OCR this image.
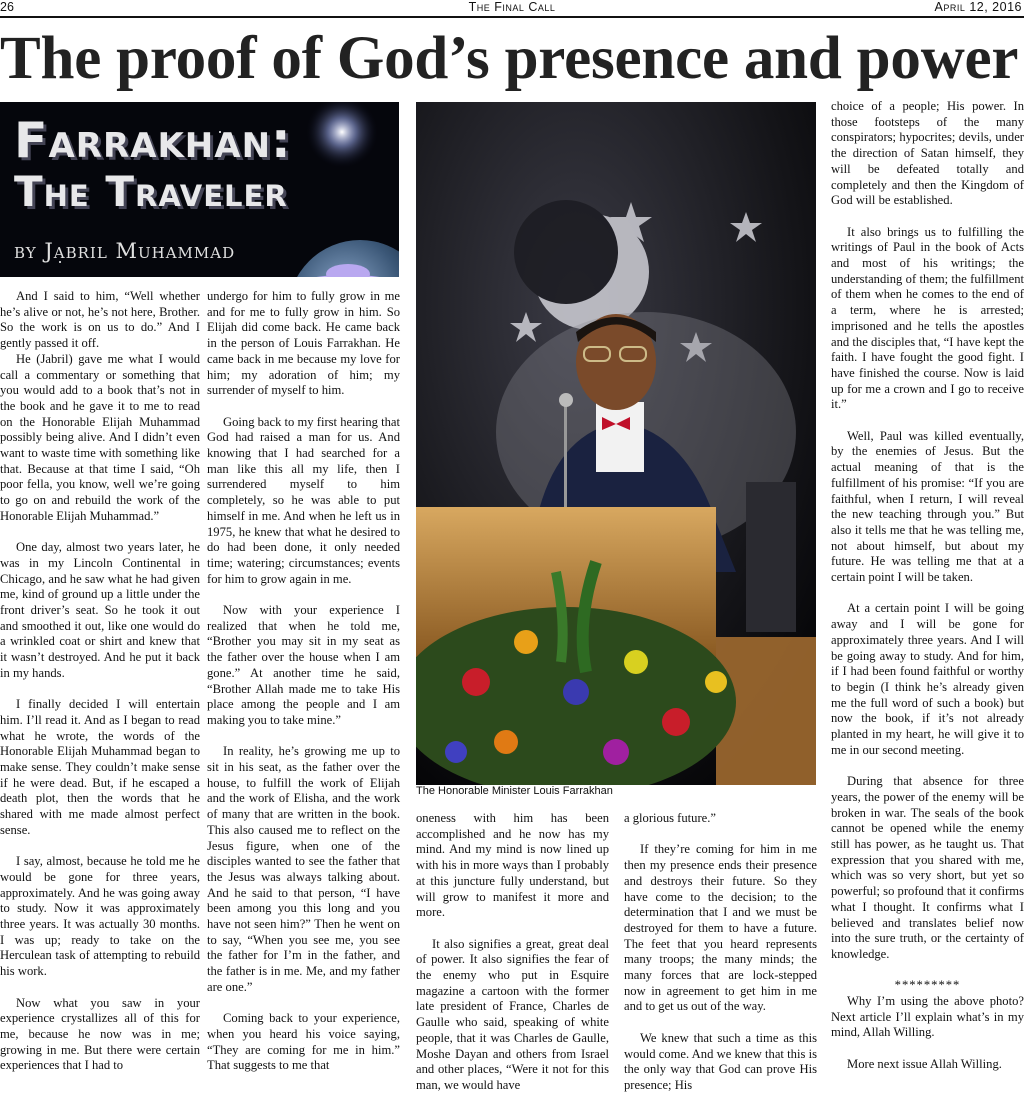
26	The Final Call	April 12, 2016
The proof of God’s presence and power
Farrakhan:
The Traveler
by Jabril Muhammad
The Honorable Minister Louis Farrakhan

And I said to him, “Well whether he’s alive or not, he’s not here, Brother. So the work is on us to do.” And I gently passed it off.

He (Jabril) gave me what I would call a commentary or something that you would add to a book that’s not in the book and he gave it to me to read on the Honorable Elijah Muhammad possibly being alive. And I didn’t even want to waste time with something like that. Because at that time I said, “Oh poor fella, you know, well we’re going to go on and rebuild the work of the Honorable Elijah Muhammad.”

One day, almost two years later, he was in my Lincoln Continental in Chicago, and he saw what he had given me, kind of ground up a little under the front driver’s seat. So he took it out and smoothed it out, like one would do a wrinkled coat or shirt and knew that it wasn’t destroyed. And he put it back in my hands.

I finally decided I will entertain him. I’ll read it. And as I began to read what he wrote, the words of the Honorable Elijah Muhammad began to make sense. They couldn’t make sense if he were dead. But, if he escaped a death plot, then the words that he shared with me made almost perfect sense.

I say, almost, because he told me he would be gone for three years, approximately. And he was going away to study. Now it was approximately three years. It was actually 30 months. I was up; ready to take on the Herculean task of attempting to rebuild his work.

Now what you saw in your experience crystallizes all of this for me, because he now was in me; growing in me. But there were certain experiences that I had to

undergo for him to fully grow in me and for me to fully grow in him. So Elijah did come back. He came back in the person of Louis Farrakhan. He came back in me because my love for him; my adoration of him; my surrender of myself to him.

Going back to my first hearing that God had raised a man for us. And knowing that I had searched for a man like this all my life, then I surrendered myself to him completely, so he was able to put himself in me. And when he left us in 1975, he knew that what he desired to do had been done, it only needed time; watering; circumstances; events for him to grow again in me.

Now with your experience I realized that when he told me, “Brother you may sit in my seat as the father over the house when I am gone.” At another time he said, “Brother Allah made me to take His place among the people and I am making you to take mine.”

In reality, he’s growing me up to sit in his seat, as the father over the house, to fulfill the work of Elijah and the work of Elisha, and the work of many that are written in the book. This also caused me to reflect on the Jesus figure, when one of the disciples wanted to see the father that the Jesus was always talking about. And he said to that person, “I have been among you this long and you have not seen him?” Then he went on to say, “When you see me, you see the father for I’m in the father, and the father is in me. Me, and my father are one.”

Coming back to your experience, when you heard his voice saying, “They are coming for me in him.” That suggests to me that

oneness with him has been accomplished and he now has my mind. And my mind is now lined up with his in more ways than I probably at this juncture fully understand, but will grow to manifest it more and more.

It also signifies a great, great deal of power. It also signifies the fear of the enemy who put in Esquire magazine a cartoon with the former late president of France, Charles de Gaulle who said, speaking of white people, that it was Charles de Gaulle, Moshe Dayan and others from Israel and other places, “Were it not for this man, we would have

a glorious future.”

If they’re coming for him in me then my presence ends their presence and destroys their future. So they have come to the decision; to the determination that I and we must be destroyed for them to have a future. The feet that you heard represents many troops; the many minds; the many forces that are lock-stepped now in agreement to get him in me and to get us out of the way.

We knew that such a time as this would come. And we knew that this is the only way that God can prove His presence; His

choice of a people; His power. In those footsteps of the many conspirators; hypocrites; devils, under the direction of Satan himself, they will be defeated totally and completely and then the Kingdom of God will be established.

It also brings us to fulfilling the writings of Paul in the book of Acts and most of his writings; the understanding of them; the fulfillment of them when he comes to the end of a term, where he is arrested; imprisoned and he tells the apostles and the disciples that, “I have kept the faith. I have fought the good fight. I have finished the course. Now is laid up for me a crown and I go to receive it.”

Well, Paul was killed eventually, by the enemies of Jesus. But the actual meaning of that is the fulfillment of his promise: “If you are faithful, when I return, I will reveal the new teaching through you.” But also it tells me that he was telling me, not about himself, but about my future. He was telling me that at a certain point I will be taken.

At a certain point I will be going away and I will be gone for approximately three years. And I will be going away to study. And for him, if I had been found faithful or worthy to begin (I think he’s already given me the full word of such a book) but now the book, if it’s not already planted in my heart, he will give it to me in our second meeting.

During that absence for three years, the power of the enemy will be broken in war. The seals of the book cannot be opened while the enemy still has power, as he taught us. That expression that you shared with me, which was so very short, but yet so powerful; so profound that it confirms what I thought. It confirms what I believed and translates belief now into the sure truth, or the certainty of knowledge.

*********

Why I’m using the above photo? Next article I’ll explain what’s in my mind, Allah Willing.

More next issue Allah Willing.
